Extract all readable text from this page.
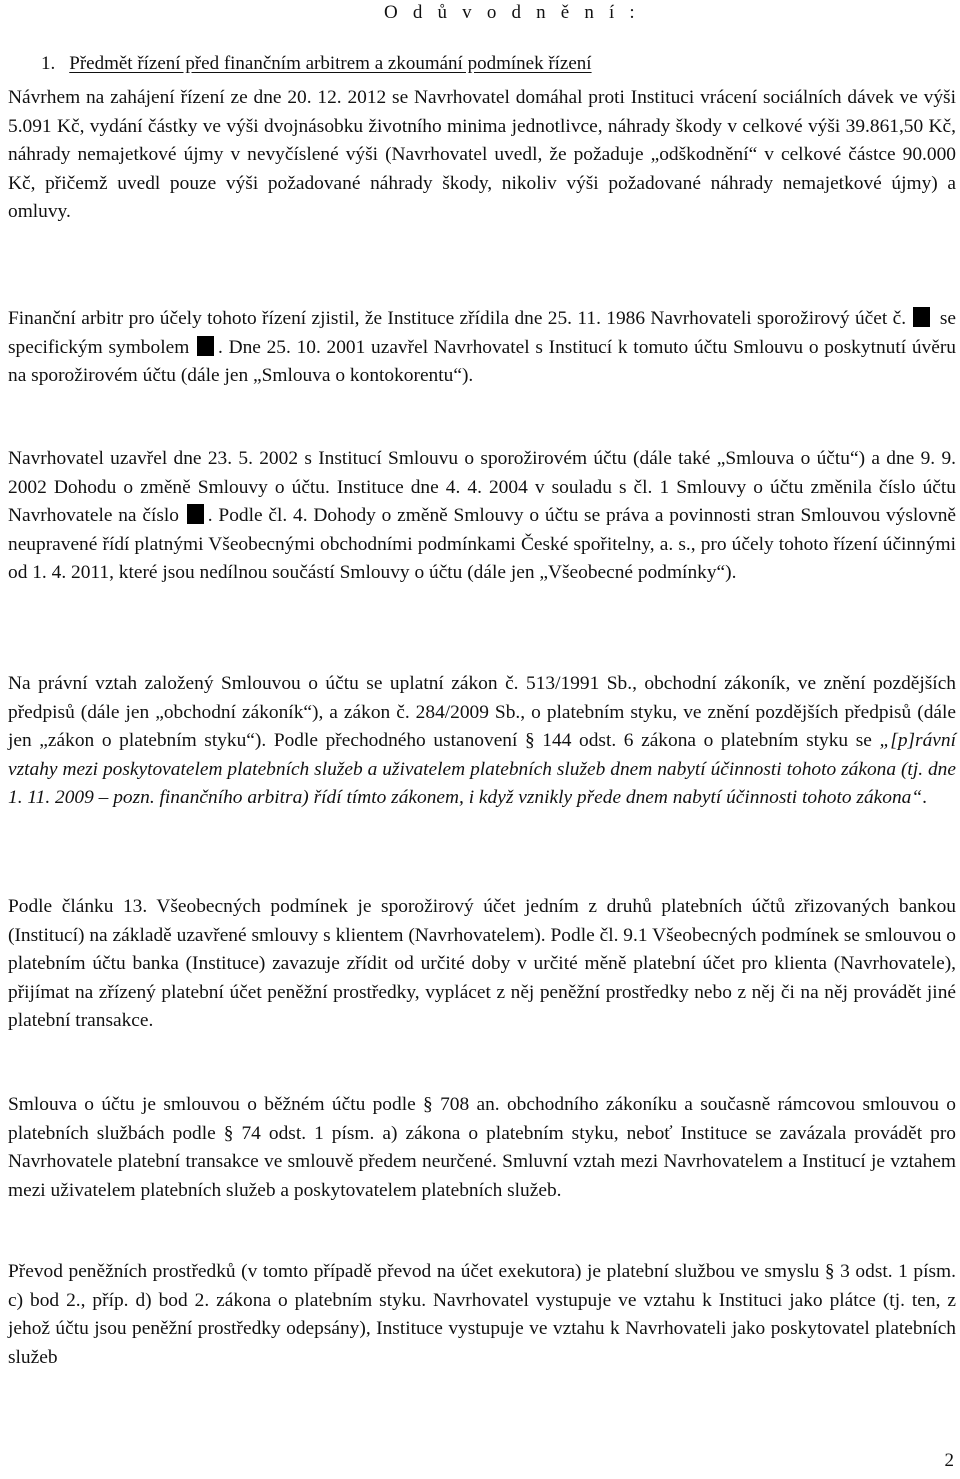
O d ů v o d n ě n í :
1. Předmět řízení před finančním arbitrem a zkoumání podmínek řízení

Návrhem na zahájení řízení ze dne 20. 12. 2012 se Navrhovatel domáhal proti Instituci vrácení sociálních dávek ve výši 5.091 Kč, vydání částky ve výši dvojnásobku životního minima jednotlivce, náhrady škody v celkové výši 39.861,50 Kč, náhrady nemajetkové újmy v nevyčíslené výši (Navrhovatel uvedl, že požaduje „odškodnění“ v celkové částce 90.000 Kč, přičemž uvedl pouze výši požadované náhrady škody, nikoliv výši požadované náhrady nemajetkové újmy) a omluvy.

Finanční arbitr pro účely tohoto řízení zjistil, že Instituce zřídila dne 25. 11. 1986 Navrhovateli sporožirový účet č. se specifickým symbolem . Dne 25. 10. 2001 uzavřel Navrhovatel s Institucí k tomuto účtu Smlouvu o poskytnutí úvěru na sporožirovém účtu (dále jen „Smlouva o kontokorentu“).

Navrhovatel uzavřel dne 23. 5. 2002 s Institucí Smlouvu o sporožirovém účtu (dále také „Smlouva o účtu“) a dne 9. 9. 2002 Dohodu o změně Smlouvy o účtu. Instituce dne 4. 4. 2004 v souladu s čl. 1 Smlouvy o účtu změnila číslo účtu Navrhovatele na číslo . Podle čl. 4. Dohody o změně Smlouvy o účtu se práva a povinnosti stran Smlouvou výslovně neupravené řídí platnými Všeobecnými obchodními podmínkami České spořitelny, a. s., pro účely tohoto řízení účinnými od 1. 4. 2011, které jsou nedílnou součástí Smlouvy o účtu (dále jen „Všeobecné podmínky“).

Na právní vztah založený Smlouvou o účtu se uplatní zákon č. 513/1991 Sb., obchodní zákoník, ve znění pozdějších předpisů (dále jen „obchodní zákoník“), a zákon č. 284/2009 Sb., o platebním styku, ve znění pozdějších předpisů (dále jen „zákon o platebním styku“). Podle přechodného ustanovení § 144 odst. 6 zákona o platebním styku se „[p]rávní vztahy mezi poskytovatelem platebních služeb a uživatelem platebních služeb dnem nabytí účinnosti tohoto zákona (tj. dne 1. 11. 2009 – pozn. finančního arbitra) řídí tímto zákonem, i když vznikly přede dnem nabytí účinnosti tohoto zákona“.

Podle článku 13. Všeobecných podmínek je sporožirový účet jedním z druhů platebních účtů zřizovaných bankou (Institucí) na základě uzavřené smlouvy s klientem (Navrhovatelem). Podle čl. 9.1 Všeobecných podmínek se smlouvou o platebním účtu banka (Instituce) zavazuje zřídit od určité doby v určité měně platební účet pro klienta (Navrhovatele), přijímat na zřízený platební účet peněžní prostředky, vyplácet z něj peněžní prostředky nebo z něj či na něj provádět jiné platební transakce.

Smlouva o účtu je smlouvou o běžném účtu podle § 708 an. obchodního zákoníku a současně rámcovou smlouvou o platebních službách podle § 74 odst. 1 písm. a) zákona o platebním styku, neboť Instituce se zavázala provádět pro Navrhovatele platební transakce ve smlouvě předem neurčené. Smluvní vztah mezi Navrhovatelem a Institucí je vztahem mezi uživatelem platebních služeb a poskytovatelem platebních služeb.

Převod peněžních prostředků (v tomto případě převod na účet exekutora) je platební službou ve smyslu § 3 odst. 1 písm. c) bod 2., příp. d) bod 2. zákona o platebním styku. Navrhovatel vystupuje ve vztahu k Instituci jako plátce (tj. ten, z jehož účtu jsou peněžní prostředky odepsány), Instituce vystupuje ve vztahu k Navrhovateli jako poskytovatel platebních služeb

2
